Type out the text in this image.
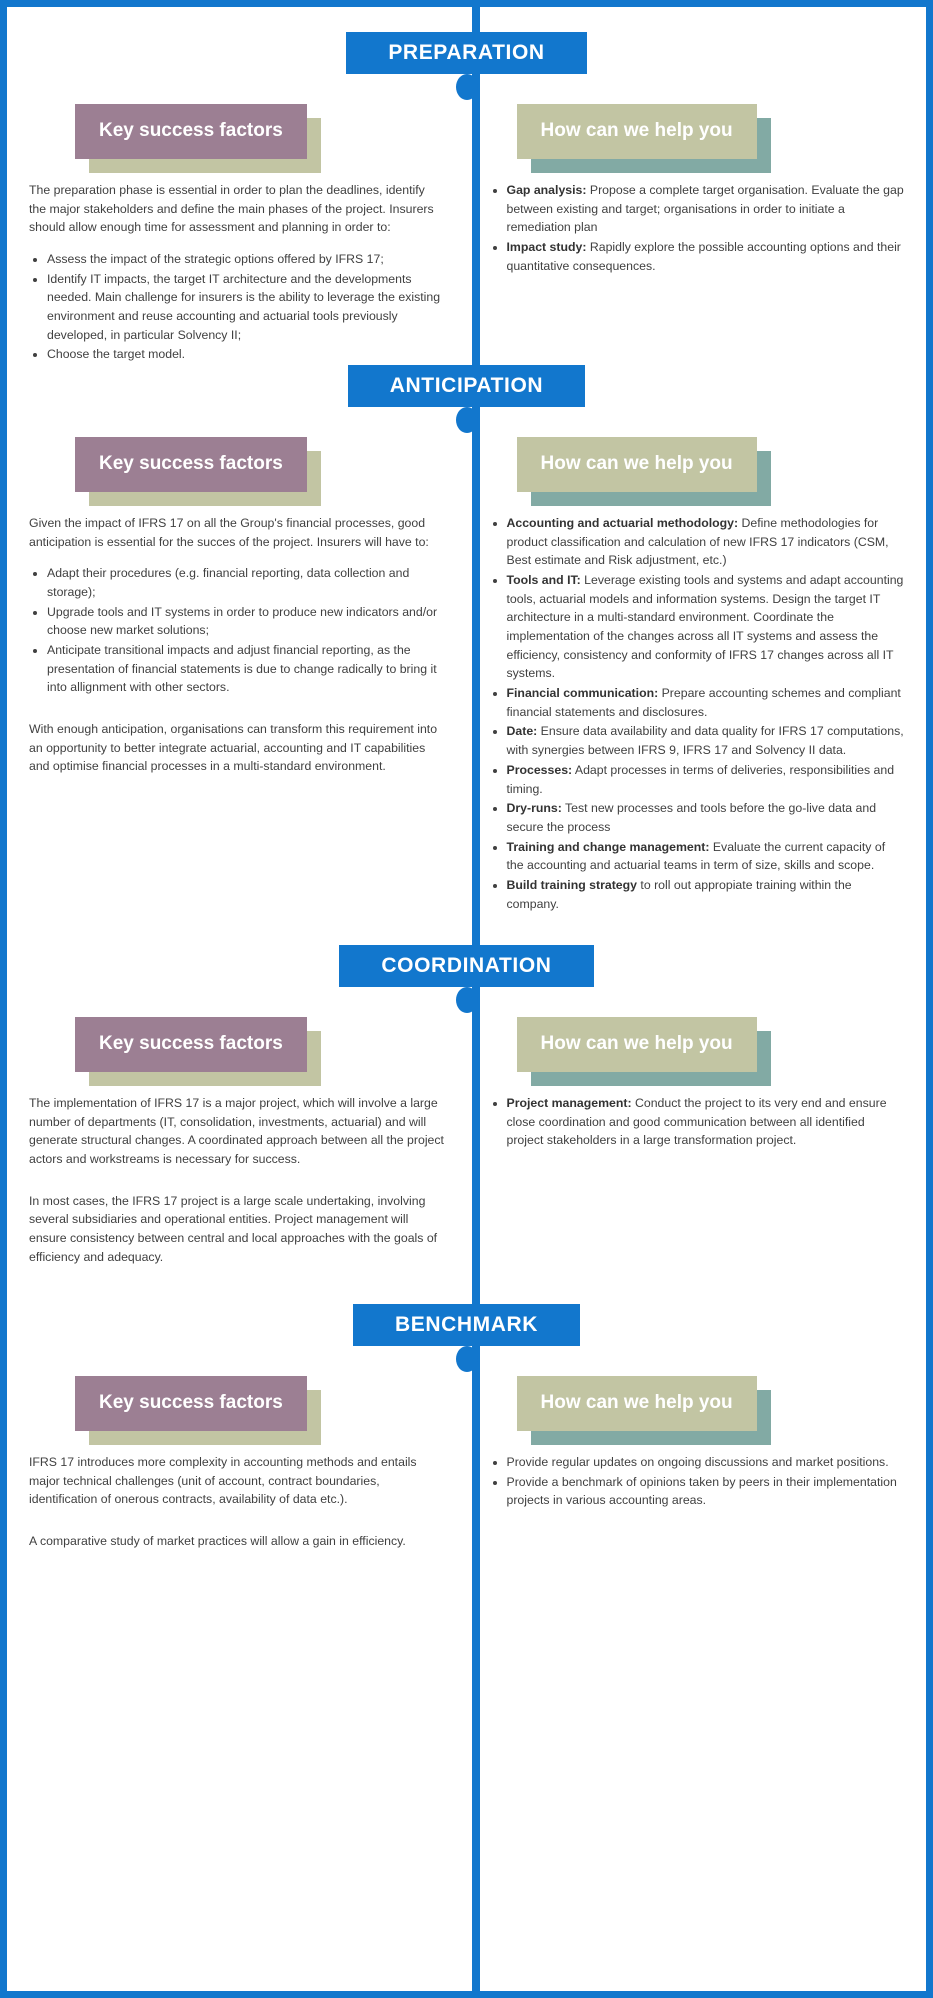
Key success factors

The preparation phase is essential in order to plan the deadlines, identify the major stakeholders and define the main phases of the project. Insurers should allow enough time for assessment and planning in order to:

• Assess the impact of the strategic options offered by IFRS 17;
• Identify IT impacts, the target IT architecture and the developments needed. Main challenge for insurers is the ability to leverage the existing environment and reuse accounting and actuarial tools previously developed, in particular Solvency II;
• Choose the target model.
Key success factors

Given the impact of IFRS 17 on all the Group's financial processes, good anticipation is essential for the succes of the project. Insurers will have to:

• Adapt their procedures (e.g. financial reporting, data collection and storage);
• Upgrade tools and IT systems in order to produce new indicators and/or choose new market solutions;
• Anticipate transitional impacts and adjust financial reporting, as the presentation of financial statements is due to change radically to bring it into allignment with other sectors.

With enough anticipation, organisations can transform this requirement into an opportunity to better integrate actuarial, accounting and IT capabilities and optimise financial processes in a multi-standard environment.

Key success factors

The implementation of IFRS 17 is a major project, which will involve a large number of departments (IT, consolidation, investments, actuarial) and will generate structural changes. A coordinated approach between all the project actors and workstreams is necessary for success.

In most cases, the IFRS 17 project is a large scale undertaking, involving several subsidiaries and operational entities. Project management will ensure consistency between central and local approaches with the goals of efficiency and adequacy.

Key success factors

IFRS 17 introduces more complexity in accounting methods and entails major technical challenges (unit of account, contract boundaries, identification of onerous contracts, availability of data etc.).

A comparative study of market practices will allow a gain in efficiency.

How can we help you
• Gap analysis: Propose a complete target organisation. Evaluate the gap between existing and target; organisations in order to initiate a remediation plan
• Impact study: Rapidly explore the possible accounting options and their quantitative consequences.
How can we help you
• Accounting and actuarial methodology: Define methodologies for product classification and calculation of new IFRS 17 indicators (CSM, Best estimate and Risk adjustment, etc.)
• Tools and IT: Leverage existing tools and systems and adapt accounting tools, actuarial models and information systems. Design the target IT architecture in a multi-standard environment. Coordinate the implementation of the changes across all IT systems and assess the efficiency, consistency and conformity of IFRS 17 changes across all IT systems.
• Financial communication: Prepare accounting schemes and compliant financial statements and disclosures.
• Date: Ensure data availability and data quality for IFRS 17 computations, with synergies between IFRS 9, IFRS 17 and Solvency II data.
• Processes: Adapt processes in terms of deliveries, responsibilities and timing.
• Dry-runs: Test new processes and tools before the go-live data and secure the process
• Training and change management: Evaluate the current capacity of the accounting and actuarial teams in term of size, skills and scope.
• Build training strategy to roll out appropiate training within the company.
How can we help you
• Project management: Conduct the project to its very end and ensure close coordination and good communication between all identified project stakeholders in a large transformation project.
How can we help you
• Provide regular updates on ongoing discussions and market positions.
• Provide a benchmark of opinions taken by peers in their implementation projects in various accounting areas.
PREPARATION
ANTICIPATION
COORDINATION
BENCHMARK
